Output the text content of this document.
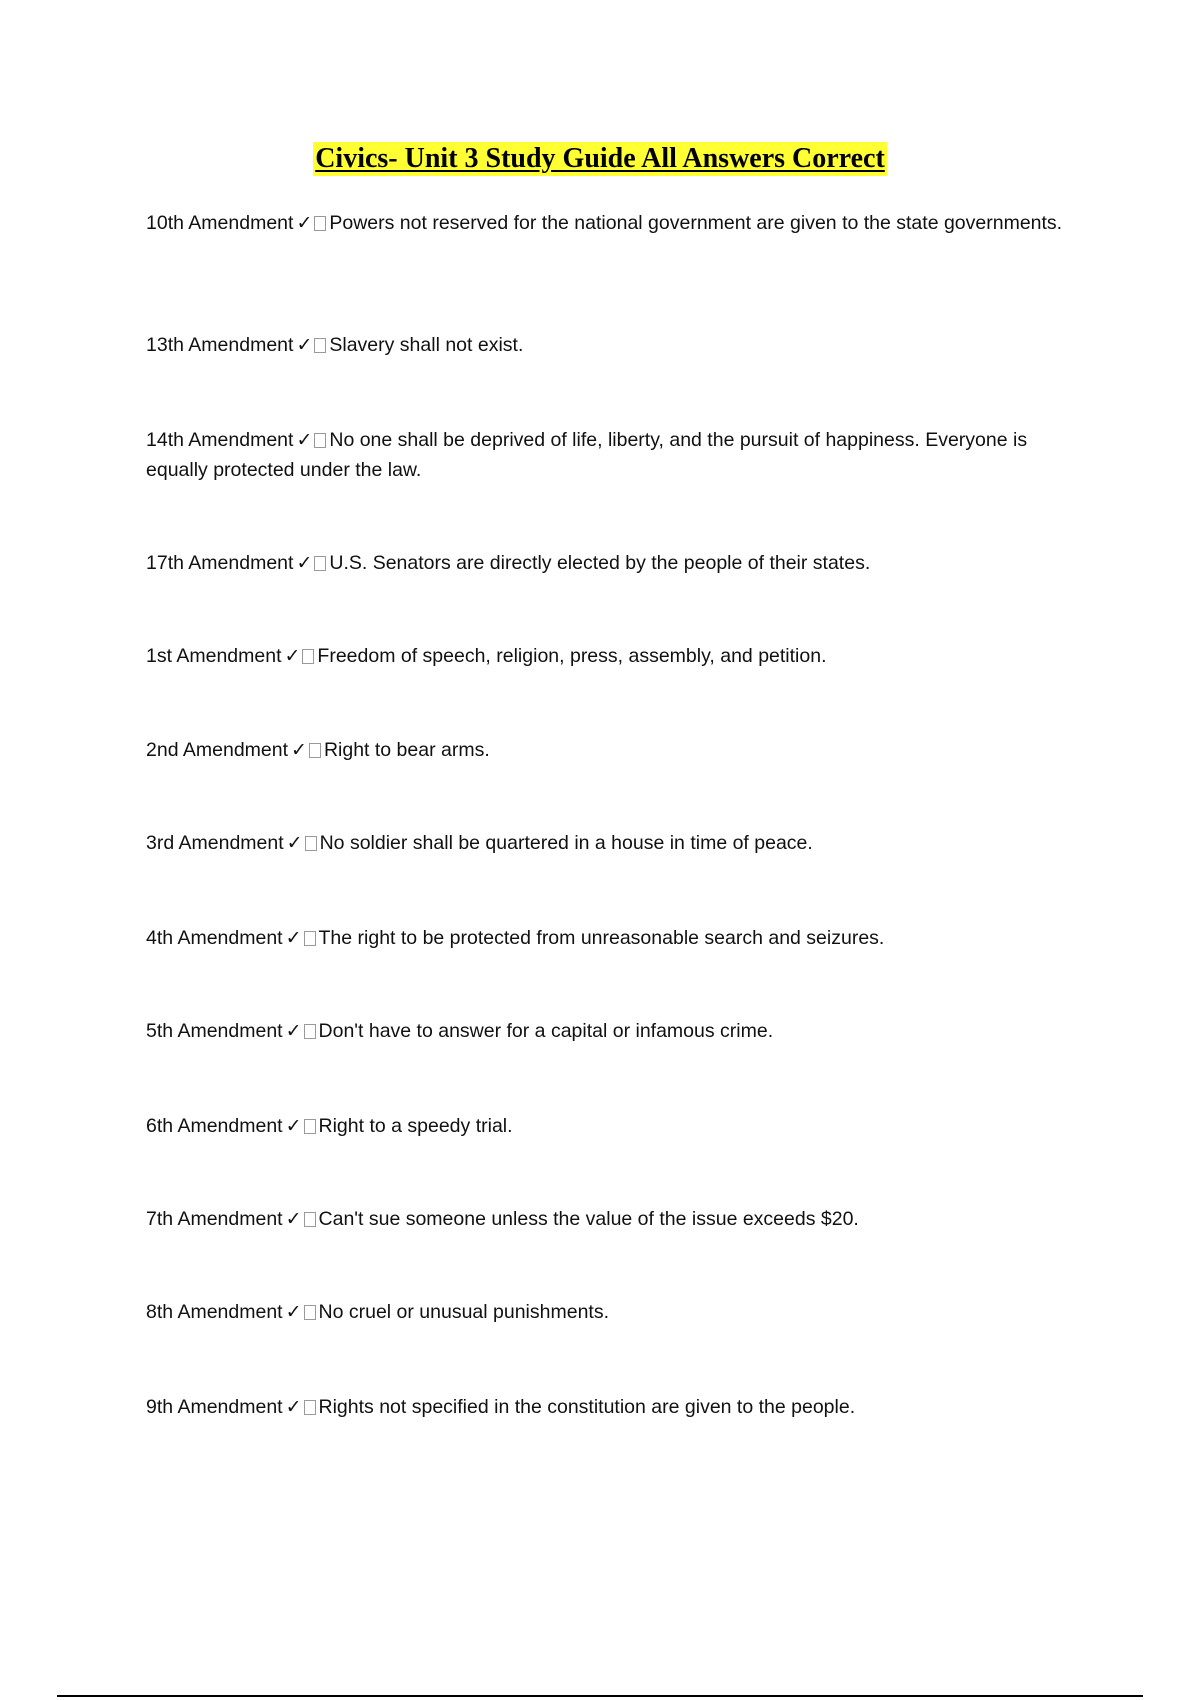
Civics- Unit 3 Study Guide All Answers Correct
10th Amendment ✓ Powers not reserved for the national government are given to the state governments.
13th Amendment ✓ Slavery shall not exist.
14th Amendment ✓ No one shall be deprived of life, liberty, and the pursuit of happiness. Everyone is equally protected under the law.
17th Amendment ✓ U.S. Senators are directly elected by the people of their states.
1st Amendment ✓ Freedom of speech, religion, press, assembly, and petition.
2nd Amendment ✓ Right to bear arms.
3rd Amendment ✓ No soldier shall be quartered in a house in time of peace.
4th Amendment ✓ The right to be protected from unreasonable search and seizures.
5th Amendment ✓ Don't have to answer for a capital or infamous crime.
6th Amendment ✓ Right to a speedy trial.
7th Amendment ✓ Can't sue someone unless the value of the issue exceeds $20.
8th Amendment ✓ No cruel or unusual punishments.
9th Amendment ✓ Rights not specified in the constitution are given to the people.
